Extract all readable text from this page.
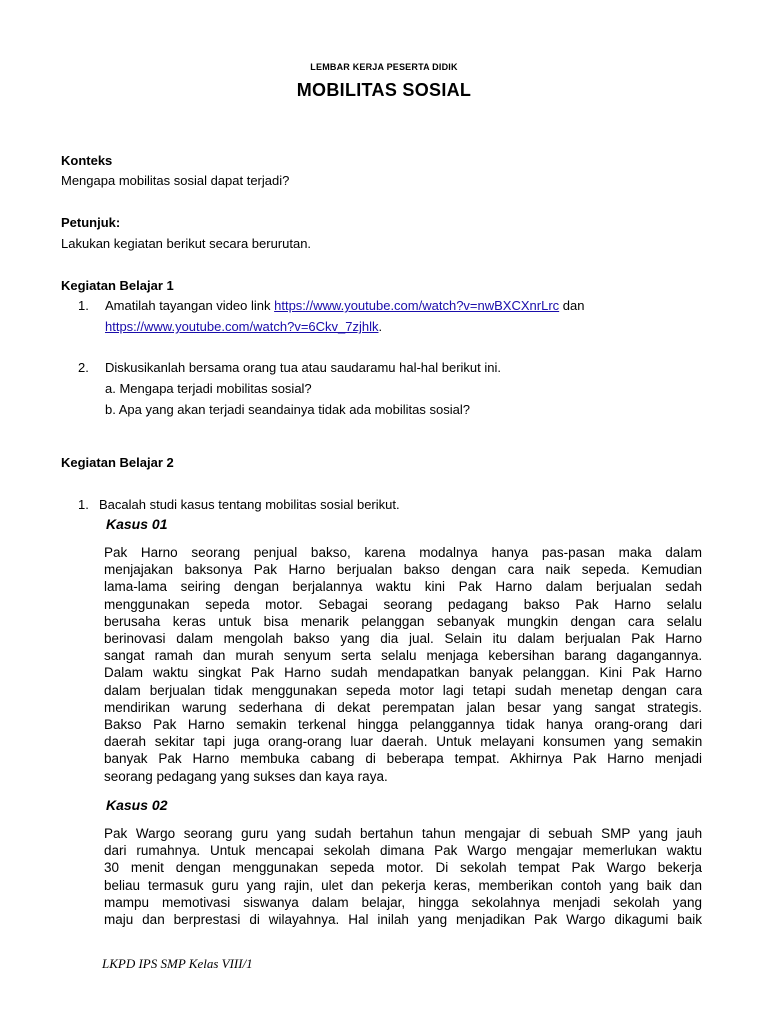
LEMBAR KERJA PESERTA DIDIK
MOBILITAS SOSIAL
Konteks
Mengapa mobilitas sosial dapat terjadi?
Petunjuk:
Lakukan kegiatan berikut secara berurutan.
Kegiatan Belajar 1
1. Amatilah tayangan video link https://www.youtube.com/watch?v=nwBXCXnrLrc dan
https://www.youtube.com/watch?v=6Ckv_7zjhlk.
2. Diskusikanlah bersama orang tua atau saudaramu hal-hal berikut ini.
a. Mengapa terjadi mobilitas sosial?
b. Apa yang akan terjadi seandainya tidak ada mobilitas sosial?
Kegiatan Belajar 2
1. Bacalah studi kasus tentang mobilitas sosial berikut.
Kasus 01
Pak Harno seorang penjual bakso, karena modalnya hanya pas-pasan maka dalam
menjajakan baksonya Pak Harno berjualan bakso dengan cara naik sepeda. Kemudian
lama-lama seiring dengan berjalannya waktu kini Pak Harno dalam berjualan sedah
menggunakan sepeda motor. Sebagai seorang pedagang bakso Pak Harno selalu
berusaha keras untuk bisa menarik pelanggan sebanyak mungkin dengan cara selalu
berinovasi dalam mengolah bakso yang dia jual. Selain itu dalam berjualan Pak Harno
sangat ramah dan murah senyum serta selalu menjaga kebersihan barang dagangannya.
Dalam waktu singkat Pak Harno sudah mendapatkan banyak pelanggan. Kini Pak Harno
dalam berjualan tidak menggunakan sepeda motor lagi tetapi sudah menetap dengan cara
mendirikan warung sederhana di dekat perempatan jalan besar yang sangat strategis.
Bakso Pak Harno semakin terkenal hingga pelanggannya tidak hanya orang-orang dari
daerah sekitar tapi juga orang-orang luar daerah. Untuk melayani konsumen yang semakin
banyak Pak Harno membuka cabang di beberapa tempat. Akhirnya Pak Harno menjadi
seorang pedagang yang sukses dan kaya raya.
Kasus 02
Pak Wargo seorang guru yang sudah bertahun tahun mengajar di sebuah SMP yang jauh
dari rumahnya. Untuk mencapai sekolah dimana Pak Wargo mengajar memerlukan waktu
30 menit dengan menggunakan sepeda motor. Di sekolah tempat Pak Wargo bekerja
beliau termasuk guru yang rajin, ulet dan pekerja keras, memberikan contoh yang baik dan
mampu memotivasi siswanya dalam belajar, hingga sekolahnya menjadi sekolah yang
maju dan berprestasi di wilayahnya. Hal inilah yang menjadikan Pak Wargo dikagumi baik
LKPD IPS SMP Kelas VIII/1
